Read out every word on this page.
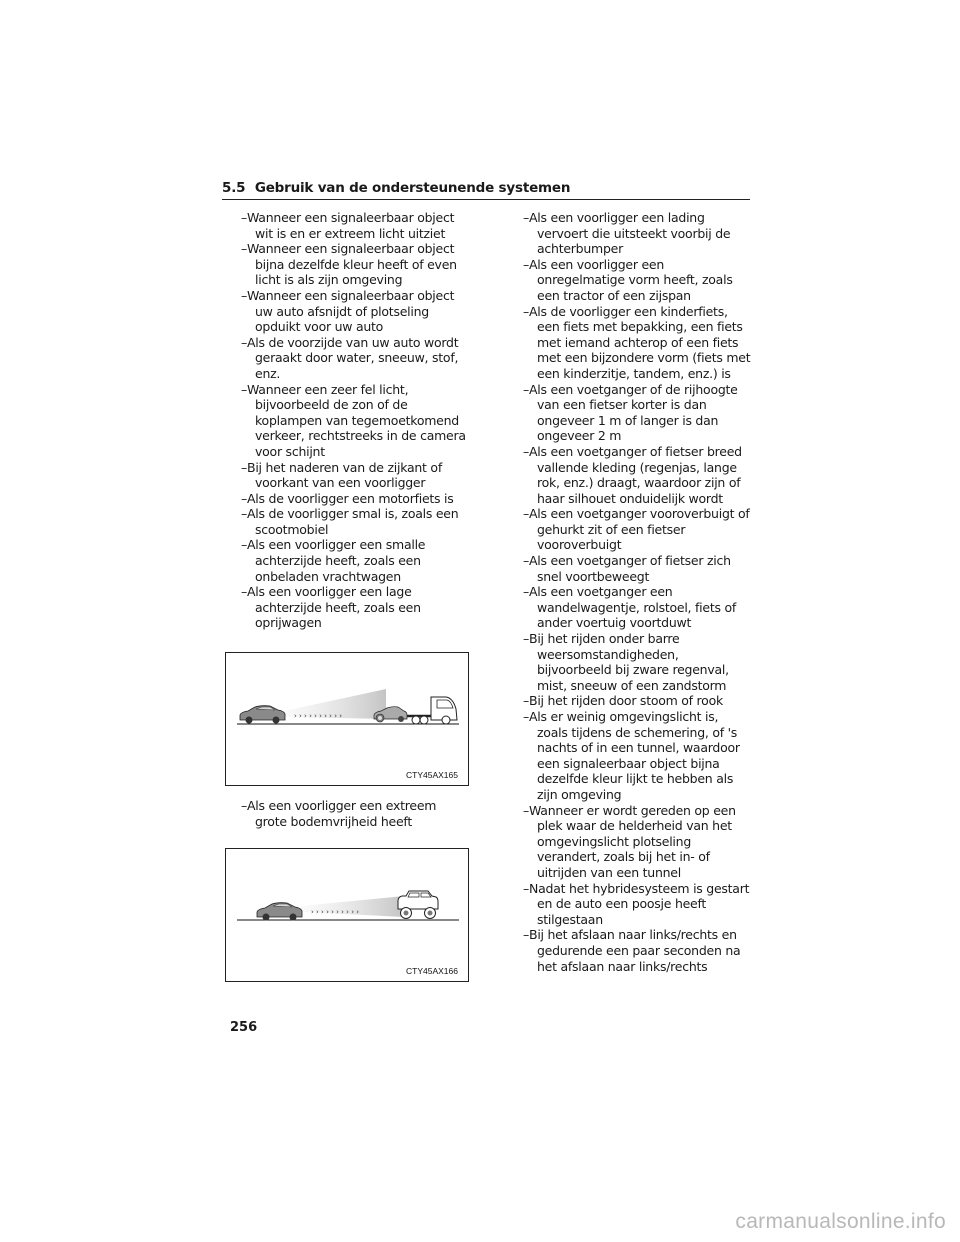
5.5 Gebruik van de ondersteunende systemen
– Wanneer een signaleerbaar object wit is en er extreem licht uitziet
– Wanneer een signaleerbaar object bijna dezelfde kleur heeft of even licht is als zijn omgeving
– Wanneer een signaleerbaar object uw auto afsnijdt of plotseling opduikt voor uw auto
– Als de voorzijde van uw auto wordt geraakt door water, sneeuw, stof, enz.
– Wanneer een zeer fel licht, bijvoorbeeld de zon of de koplampen van tegemoetkomend verkeer, rechtstreeks in de camera voor schijnt
– Bij het naderen van de zijkant of voorkant van een voorligger
– Als de voorligger een motorfiets is
– Als de voorligger smal is, zoals een scootmobiel
– Als een voorligger een smalle achterzijde heeft, zoals een onbeladen vrachtwagen
– Als een voorligger een lage achterzijde heeft, zoals een oprijwagen
› › › › › › › › › ›
CTY45AX165
– Als een voorligger een extreem grote bodemvrijheid heeft
› › › › › › › › › ›
CTY45AX166
– Als een voorligger een lading vervoert die uitsteekt voorbij de achterbumper
– Als een voorligger een onregelmatige vorm heeft, zoals een tractor of een zijspan
– Als de voorligger een kinderfiets, een fiets met bepakking, een fiets met iemand achterop of een fiets met een bijzondere vorm (fiets met een kinderzitje, tandem, enz.) is
– Als een voetganger of de rijhoogte van een fietser korter is dan ongeveer 1 m of langer is dan ongeveer 2 m
– Als een voetganger of fietser breed vallende kleding (regenjas, lange rok, enz.) draagt, waardoor zijn of haar silhouet onduidelijk wordt
– Als een voetganger vooroverbuigt of gehurkt zit of een fietser vooroverbuigt
– Als een voetganger of fietser zich snel voortbeweegt
– Als een voetganger een wandelwagentje, rolstoel, fiets of ander voertuig voortduwt
– Bij het rijden onder barre weersomstandigheden, bijvoorbeeld bij zware regenval, mist, sneeuw of een zandstorm
– Bij het rijden door stoom of rook
– Als er weinig omgevingslicht is, zoals tijdens de schemering, of 's nachts of in een tunnel, waardoor een signaleerbaar object bijna dezelfde kleur lijkt te hebben als zijn omgeving
– Wanneer er wordt gereden op een plek waar de helderheid van het omgevingslicht plotseling verandert, zoals bij het in- of uitrijden van een tunnel
– Nadat het hybridesysteem is gestart en de auto een poosje heeft stilgestaan
– Bij het afslaan naar links/rechts en gedurende een paar seconden na het afslaan naar links/rechts
256
carmanualsonline.info
